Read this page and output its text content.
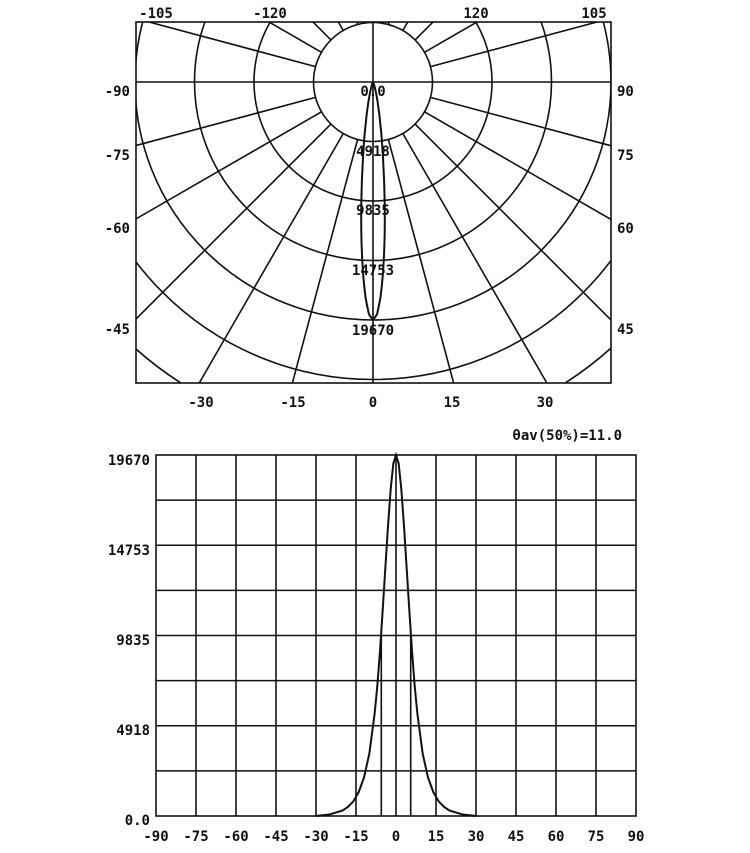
-105	-120	120	105
-90
-75
-60
-45
90
75
60
45
-30	-15	0	15	30
0.0
4918
9835
14753
19670
θav(50%)=11.0
19670
14753
9835
4918
0.0
-90 -75 -60 -45 -30 -15 0 15 30 45 60 75 90
